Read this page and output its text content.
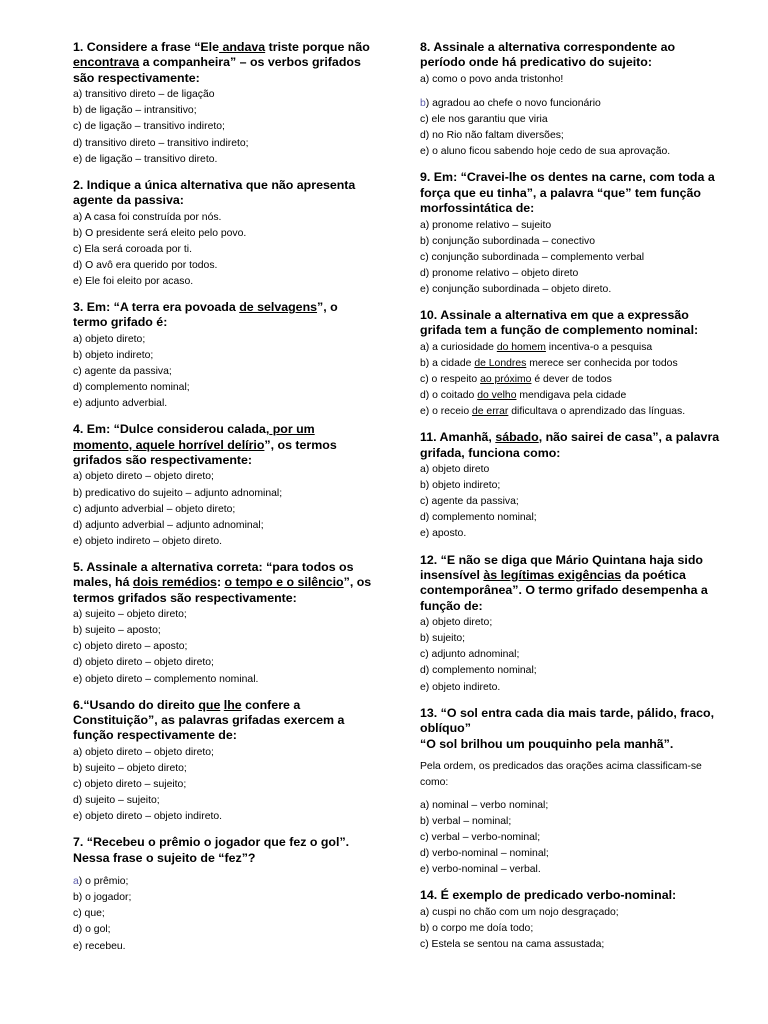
1. Considere a frase “Ele andava triste porque não encontrava a companheira” – os verbos grifados são respectivamente:
a) transitivo direto – de ligação
b) de ligação – intransitivo;
c) de ligação – transitivo indireto;
d) transitivo direto – transitivo indireto;
e) de ligação – transitivo direto.
2. Indique a única alternativa que não apresenta agente da passiva:
a) A casa foi construída por nós.
b) O presidente será eleito pelo povo.
c) Ela será coroada por ti.
d) O avô era querido por todos.
e) Ele foi eleito por acaso.
3. Em: “A terra era povoada de selvagens”, o termo grifado é:
a) objeto direto;
b) objeto indireto;
c) agente da passiva;
d) complemento nominal;
e) adjunto adverbial.
4. Em: “Dulce considerou calada, por um momento, aquele horrível delírio”, os termos grifados são respectivamente:
a) objeto direto – objeto direto;
b) predicativo do sujeito – adjunto adnominal;
c) adjunto adverbial – objeto direto;
d) adjunto adverbial – adjunto adnominal;
e) objeto indireto – objeto direto.
5. Assinale a alternativa correta: “para todos os males, há dois remédios: o tempo e o silêncio”, os termos grifados são respectivamente:
a) sujeito – objeto direto;
b) sujeito – aposto;
c) objeto direto – aposto;
d) objeto direto – objeto direto;
e) objeto direto – complemento nominal.
6.“Usando do direito que lhe confere a Constituição”, as palavras grifadas exercem a função respectivamente de:
a) objeto direto – objeto direto;
b) sujeito – objeto direto;
c) objeto direto – sujeito;
d) sujeito – sujeito;
e) objeto direto – objeto indireto.
7. “Recebeu o prêmio o jogador que fez o gol”. Nessa frase o sujeito de “fez”?
a) o prêmio;
b) o jogador;
c) que;
d) o gol;
e) recebeu.
8. Assinale a alternativa correspondente ao período onde há predicativo do sujeito:
a) como o povo anda tristonho!
b) agradou ao chefe o novo funcionário
c) ele nos garantiu que viria
d) no Rio não faltam diversões;
e) o aluno ficou sabendo hoje cedo de sua aprovação.
9. Em: “Cravei-lhe os dentes na carne, com toda a força que eu tinha”, a palavra “que” tem função morfossintática de:
a) pronome relativo – sujeito
b) conjunção subordinada – conectivo
c) conjunção subordinada – complemento verbal
d) pronome relativo – objeto direto
e) conjunção subordinada – objeto direto.
10. Assinale a alternativa em que a expressão grifada tem a função de complemento nominal:
a) a curiosidade do homem incentiva-o a pesquisa
b) a cidade de Londres merece ser conhecida por todos
c) o respeito ao próximo é dever de todos
d) o coitado do velho mendigava pela cidade
e) o receio de errar dificultava o aprendizado das línguas.
11. Amanhã, sábado, não sairei de casa”, a palavra grifada, funciona como:
a) objeto direto
b) objeto indireto;
c) agente da passiva;
d) complemento nominal;
e) aposto.
12. “E não se diga que Mário Quintana haja sido insensível às legítimas exigências da poética contemporânea”. O termo grifado desempenha a função de:
a) objeto direto;
b) sujeito;
c) adjunto adnominal;
d) complemento nominal;
e) objeto indireto.
13. “O sol entra cada dia mais tarde, pálido, fraco, oblíquo”
“O sol brilhou um pouquinho pela manhã”.
Pela ordem, os predicados das orações acima classificam-se como:
a) nominal – verbo nominal;
b) verbal – nominal;
c) verbal – verbo-nominal;
d) verbo-nominal – nominal;
e) verbo-nominal – verbal.
14. É exemplo de predicado verbo-nominal:
a) cuspi no chão com um nojo desgraçado;
b) o corpo me doía todo;
c) Estela se sentou na cama assustada;
